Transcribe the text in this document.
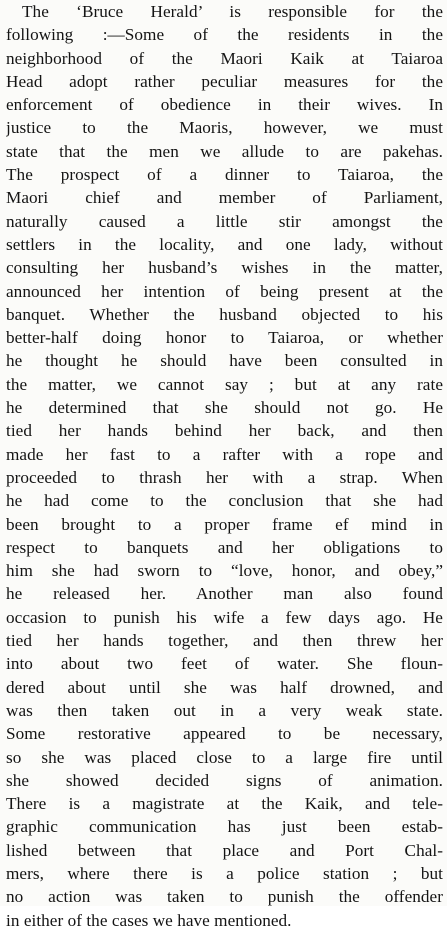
The ‘Bruce Herald’ is responsible for the
following :—Some of the residents in the
neighborhood of the Maori Kaik at Taiaroa
Head adopt rather peculiar measures for the
enforcement of obedience in their wives. In
justice to the Maoris, however, we must
state that the men we allude to are pakehas.
The prospect of a dinner to Taiaroa, the
Maori chief and member of Parliament,
naturally caused a little stir amongst the
settlers in the locality, and one lady, without
consulting her husband’s wishes in the matter,
announced her intention of being present at the
banquet. Whether the husband objected to his
better-half doing honor to Taiaroa, or whether
he thought he should have been consulted in
the matter, we cannot say ; but at any rate
he determined that she should not go. He
tied her hands behind her back, and then
made her fast to a rafter with a rope and
proceeded to thrash her with a strap. When
he had come to the conclusion that she had
been brought to a proper frame ef mind in
respect to banquets and her obligations to
him she had sworn to “love, honor, and obey,”
he released her. Another man also found
occasion to punish his wife a few days ago. He
tied her hands together, and then threw her
into about two feet of water. She floun-
dered about until she was half drowned, and
was then taken out in a very weak state.
Some restorative appeared to be necessary,
so she was placed close to a large fire until
she showed decided signs of animation.
There is a magistrate at the Kaik, and tele-
graphic communication has just been estab-
lished between that place and Port Chal-
mers, where there is a police station ; but
no action was taken to punish the offender
in either of the cases we have mentioned.
